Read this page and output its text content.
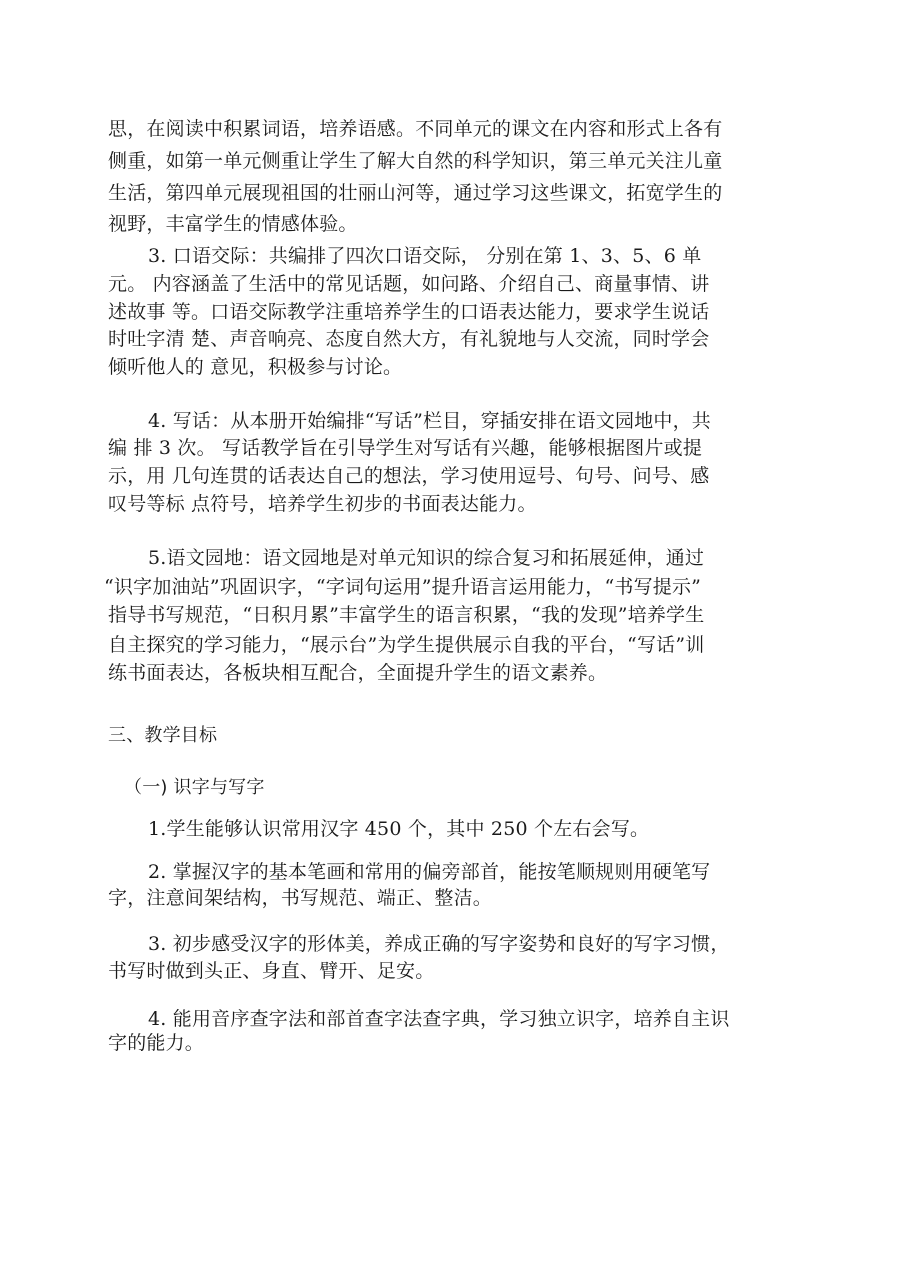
思，在阅读中积累词语，培养语感。不同单元的课文在内容和形式上各有
侧重，如第一单元侧重让学生了解大自然的科学知识，第三单元关注儿童
生活，第四单元展现祖国的壮丽山河等，通过学习这些课文，拓宽学生的
视野，丰富学生的情感体验。
3. 口语交际：共编排了四次口语交际， 分别在第 1、3、5、6 单
元。 内容涵盖了生活中的常见话题，如问路、介绍自己、商量事情、讲
述故事 等。口语交际教学注重培养学生的口语表达能力，要求学生说话
时吐字清 楚、声音响亮、态度自然大方，有礼貌地与人交流，同时学会
倾听他人的 意见，积极参与讨论。
4. 写话：从本册开始编排“写话”栏目，穿插安排在语文园地中，共
编 排 3 次。 写话教学旨在引导学生对写话有兴趣，能够根据图片或提
示，用 几句连贯的话表达自己的想法，学习使用逗号、句号、问号、感
叹号等标 点符号，培养学生初步的书面表达能力。
5.语文园地：语文园地是对单元知识的综合复习和拓展延伸，通过
“识字加油站”巩固识字，“字词句运用”提升语言运用能力，“书写提示”
指导书写规范，“日积月累”丰富学生的语言积累，“我的发现”培养学生
自主探究的学习能力，“展示台”为学生提供展示自我的平台，“写话”训
练书面表达，各板块相互配合，全面提升学生的语文素养。
三、教学目标
（一) 识字与写字
1.学生能够认识常用汉字 450 个，其中 250 个左右会写。
2. 掌握汉字的基本笔画和常用的偏旁部首，能按笔顺规则用硬笔写
字，注意间架结构，书写规范、端正、整洁。
3. 初步感受汉字的形体美，养成正确的写字姿势和良好的写字习惯，
书写时做到头正、身直、臂开、足安。
4. 能用音序查字法和部首查字法查字典，学习独立识字，培养自主识
字的能力。
